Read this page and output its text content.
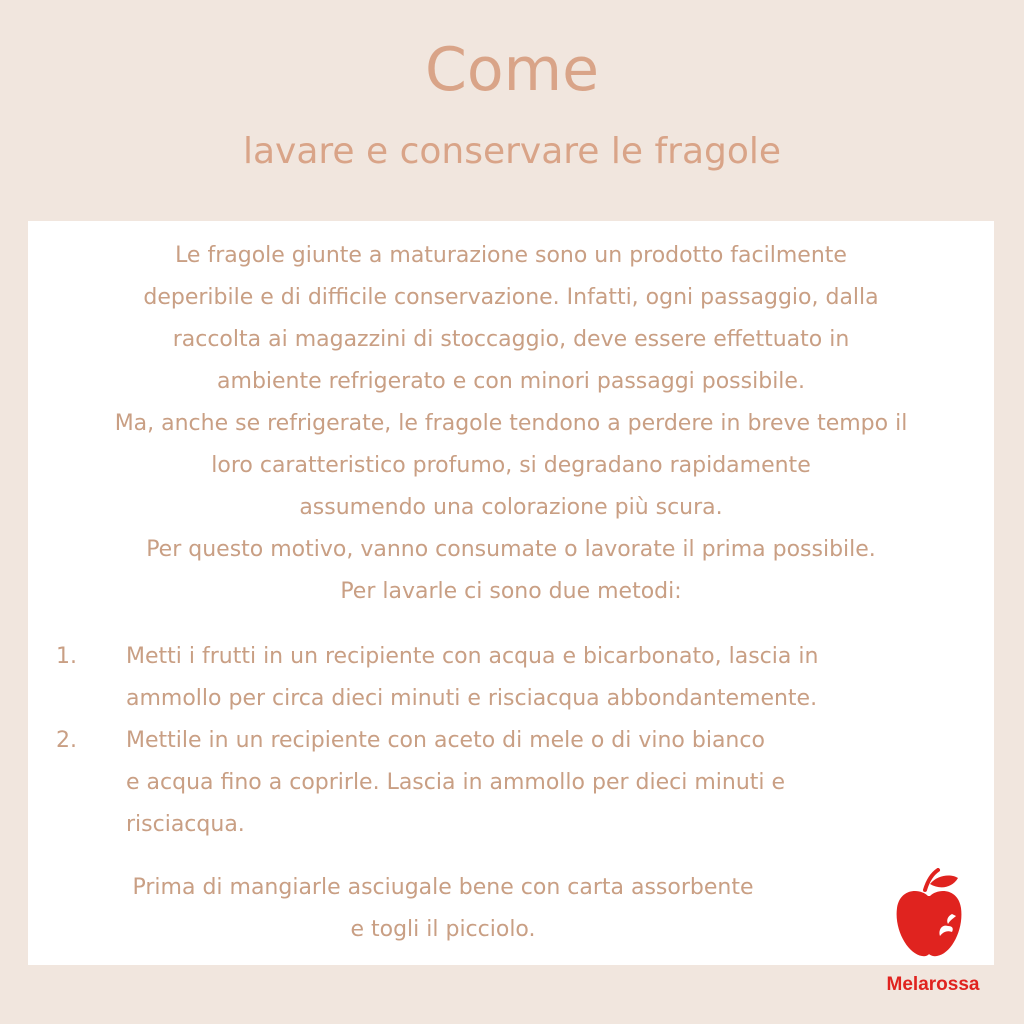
Come
lavare e conservare le fragole
Le fragole giunte a maturazione sono un prodotto facilmente
deperibile e di difficile conservazione. Infatti, ogni passaggio, dalla
raccolta ai magazzini di stoccaggio, deve essere effettuato in
ambiente refrigerato e con minori passaggi possibile.
Ma, anche se refrigerate, le fragole tendono a perdere in breve tempo il
loro caratteristico profumo, si degradano rapidamente
assumendo una colorazione più scura.
Per questo motivo, vanno consumate o lavorate il prima possibile.
Per lavarle ci sono due metodi:
1. Metti i frutti in un recipiente con acqua e bicarbonato, lascia in
ammollo per circa dieci minuti e risciacqua abbondantemente.
2. Mettile in un recipiente con aceto di mele o di vino bianco
e acqua fino a coprirle. Lascia in ammollo per dieci minuti e
risciacqua.
Prima di mangiarle asciugale bene con carta assorbente
e togli il picciolo.
Melarossa
